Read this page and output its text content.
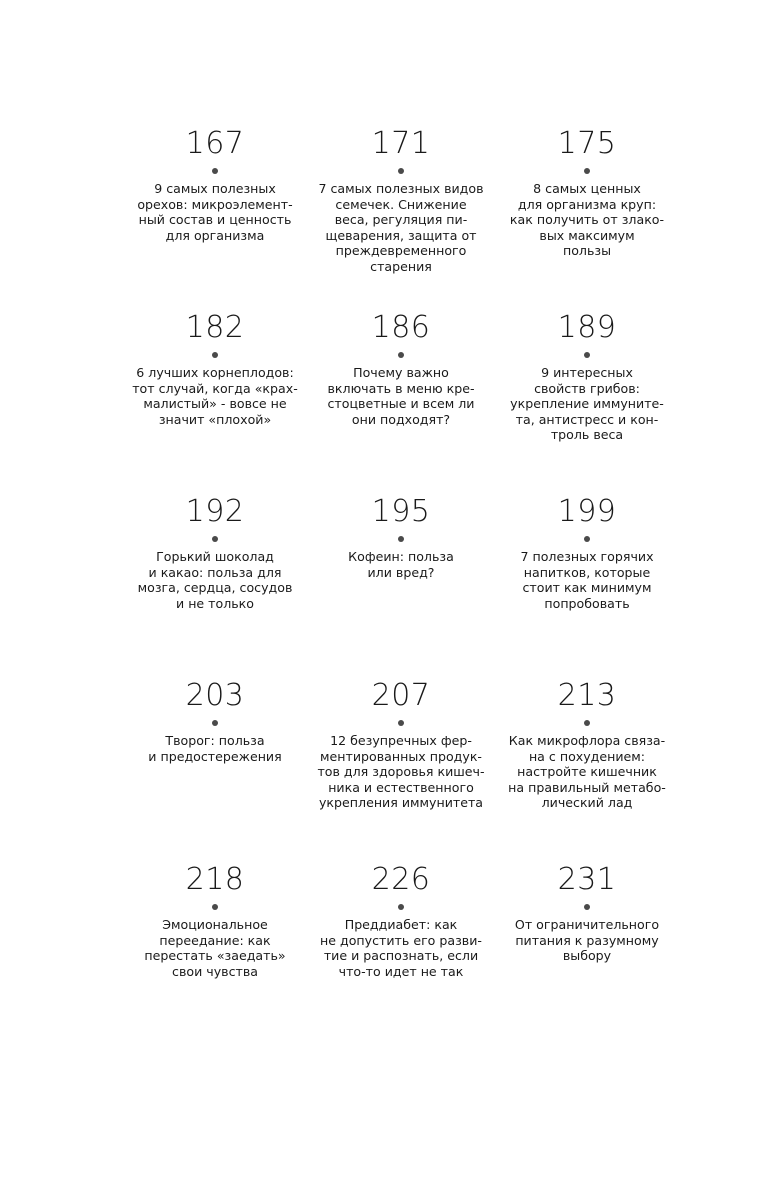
167
9 самых полезных
орехов: микроэлемент-
ный состав и ценность
для организма
171
7 самых полезных видов
семечек. Снижение
веса, регуляция пи-
щеварения, защита от
преждевременного
старения
175
8 самых ценных
для организма круп:
как получить от злако-
вых максимум
пользы
182
6 лучших корнеплодов:
тот случай, когда «крах-
малистый» - вовсе не
значит «плохой»
186
Почему важно
включать в меню кре-
стоцветные и всем ли
они подходят?
189
9 интересных
свойств грибов:
укрепление иммуните-
та, антистресс и кон-
троль веса
192
Горький шоколад
и какао: польза для
мозга, сердца, сосудов
и не только
195
Кофеин: польза
или вред?
199
7 полезных горячих
напитков, которые
стоит как минимум
попробовать
203
Творог: польза
и предостережения
207
12 безупречных фер-
ментированных продук-
тов для здоровья кишеч-
ника и естественного
укрепления иммунитета
213
Как микрофлора связа-
на с похудением:
настройте кишечник
на правильный метабо-
лический лад
218
Эмоциональное
переедание: как
перестать «заедать»
свои чувства
226
Преддиабет: как
не допустить его разви-
тие и распознать, если
что-то идет не так
231
От ограничительного
питания к разумному
выбору
